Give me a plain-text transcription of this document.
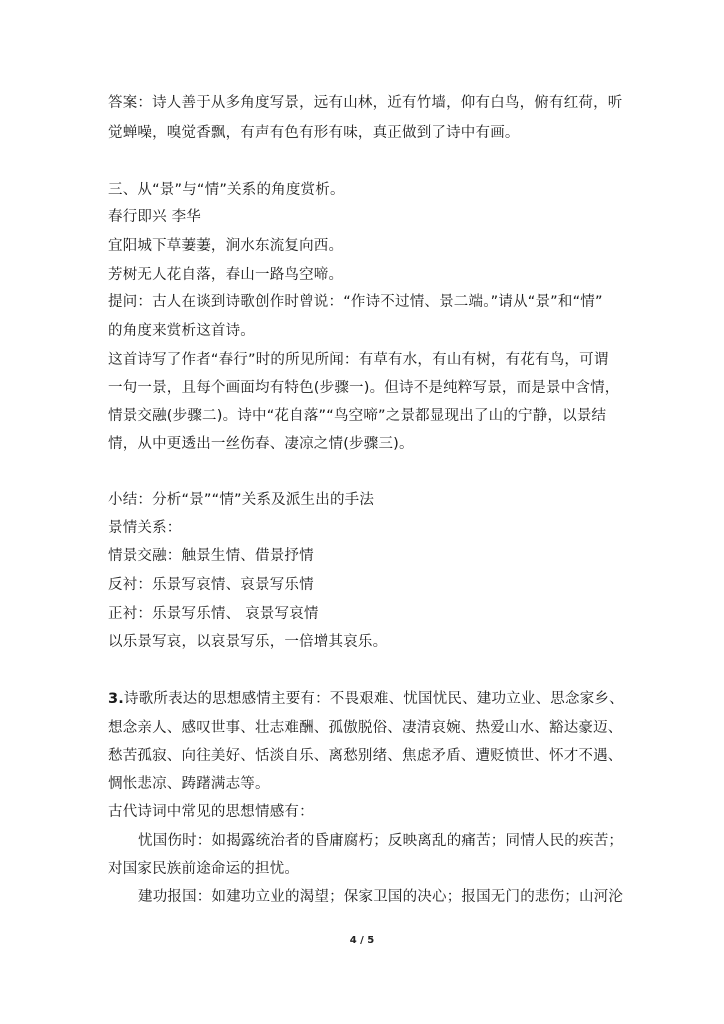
答案：诗人善于从多角度写景，远有山林，近有竹墙，仰有白鸟，俯有红荷，听
觉蝉噪，嗅觉香飘，有声有色有形有味，真正做到了诗中有画。
三、从“景”与“情”关系的角度赏析。
春行即兴 李华
宜阳城下草萋萋，涧水东流复向西。
芳树无人花自落，春山一路鸟空啼。
提问：古人在谈到诗歌创作时曾说：“作诗不过情、景二端。”请从“景”和“情”
的角度来赏析这首诗。
这首诗写了作者“春行”时的所见所闻：有草有水，有山有树，有花有鸟，可谓
一句一景，且每个画面均有特色(步骤一)。但诗不是纯粹写景，而是景中含情，
情景交融(步骤二)。诗中“花自落”“鸟空啼”之景都显现出了山的宁静，以景结
情，从中更透出一丝伤春、凄凉之情(步骤三)。
小结：分析“景”“情”关系及派生出的手法
景情关系：
情景交融：触景生情、借景抒情
反衬：乐景写哀情、哀景写乐情
正衬：乐景写乐情、 哀景写哀情
以乐景写哀，以哀景写乐，一倍增其哀乐。
3.诗歌所表达的思想感情主要有：不畏艰难、忧国忧民、建功立业、思念家乡、
想念亲人、感叹世事、壮志难酬、孤傲脱俗、凄清哀婉、热爱山水、豁达豪迈、
愁苦孤寂、向往美好、恬淡自乐、离愁别绪、焦虑矛盾、遭贬愤世、怀才不遇、
惆怅悲凉、踌躇满志等。
古代诗词中常见的思想情感有：
忧国伤时：如揭露统治者的昏庸腐朽；反映离乱的痛苦；同情人民的疾苦；
对国家民族前途命运的担忧。
建功报国：如建功立业的渴望；保家卫国的决心；报国无门的悲伤；山河沦
4 / 5
